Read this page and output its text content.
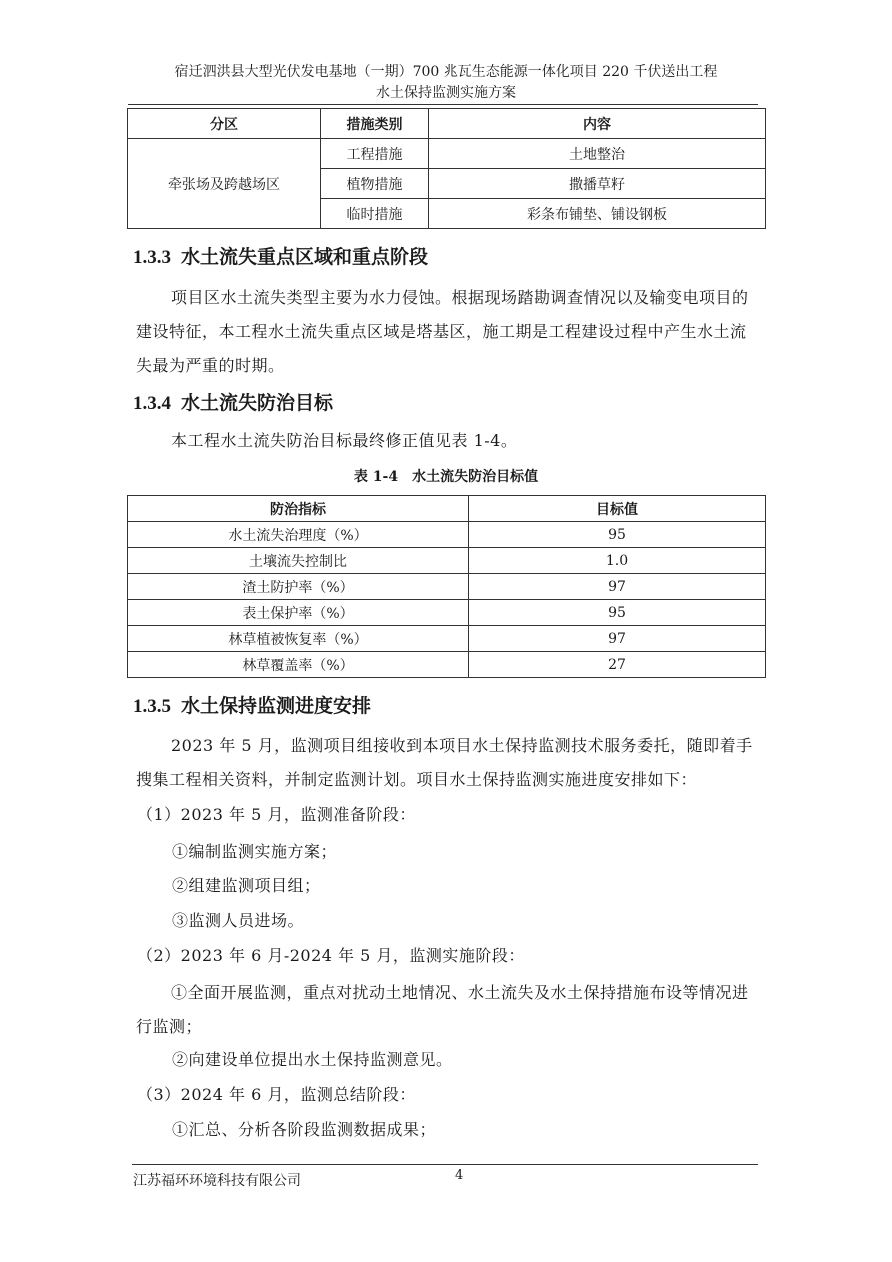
宿迁泗洪县大型光伏发电基地（一期）700 兆瓦生态能源一体化项目 220 千伏送出工程
水土保持监测实施方案
分区	措施类别	内容
牵张场及跨越场区	工程措施	土地整治
	植物措施	撒播草籽
	临时措施	彩条布铺垫、铺设钢板
1.3.3 水土流失重点区域和重点阶段
项目区水土流失类型主要为水力侵蚀。根据现场踏勘调查情况以及输变电项目的建设特征，本工程水土流失重点区域是塔基区，施工期是工程建设过程中产生水土流失最为严重的时期。
1.3.4 水土流失防治目标
本工程水土流失防治目标最终修正值见表 1-4。
表 1-4　水土流失防治目标值
防治指标	目标值
水土流失治理度（%）	95
土壤流失控制比	1.0
渣土防护率（%）	97
表土保护率（%）	95
林草植被恢复率（%）	97
林草覆盖率（%）	27
1.3.5 水土保持监测进度安排
2023 年 5 月，监测项目组接收到本项目水土保持监测技术服务委托，随即着手搜集工程相关资料，并制定监测计划。项目水土保持监测实施进度安排如下：
（1）2023 年 5 月，监测准备阶段：
①编制监测实施方案；
②组建监测项目组；
③监测人员进场。
（2）2023 年 6 月-2024 年 5 月，监测实施阶段：
①全面开展监测，重点对扰动土地情况、水土流失及水土保持措施布设等情况进行监测；
②向建设单位提出水土保持监测意见。
（3）2024 年 6 月，监测总结阶段：
①汇总、分析各阶段监测数据成果；
江苏福环环境科技有限公司	4
